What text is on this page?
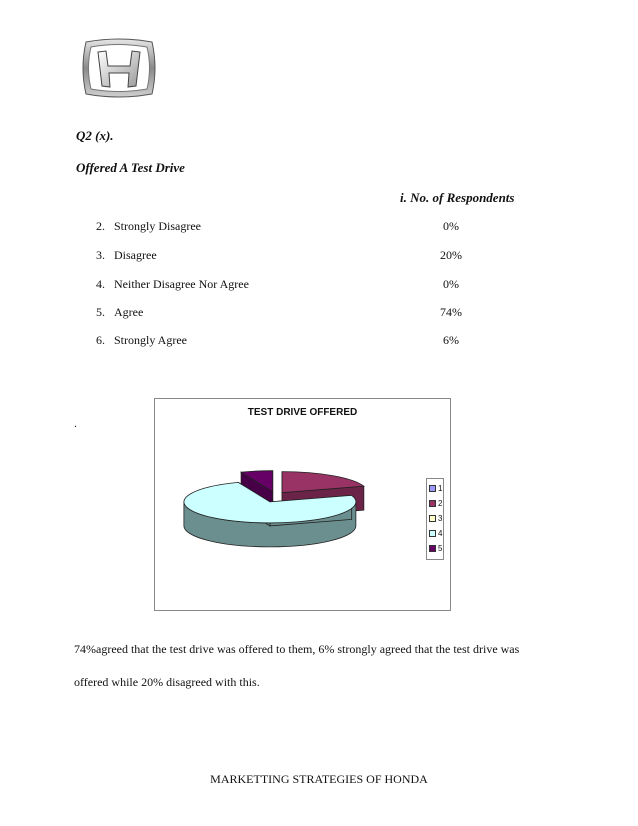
Q2 (x).
Offered A Test Drive
i. No. of Respondents
2. Strongly Disagree	0%
3. Disagree	20%
4. Neither Disagree Nor Agree	0%
5. Agree	74%
6. Strongly Agree	6%
.
TEST DRIVE OFFERED
1
2
3
4
5
74%agreed that the test drive was offered to them, 6% strongly agreed that the test drive was
offered while 20% disagreed with this.
MARKETTING STRATEGIES OF HONDA
